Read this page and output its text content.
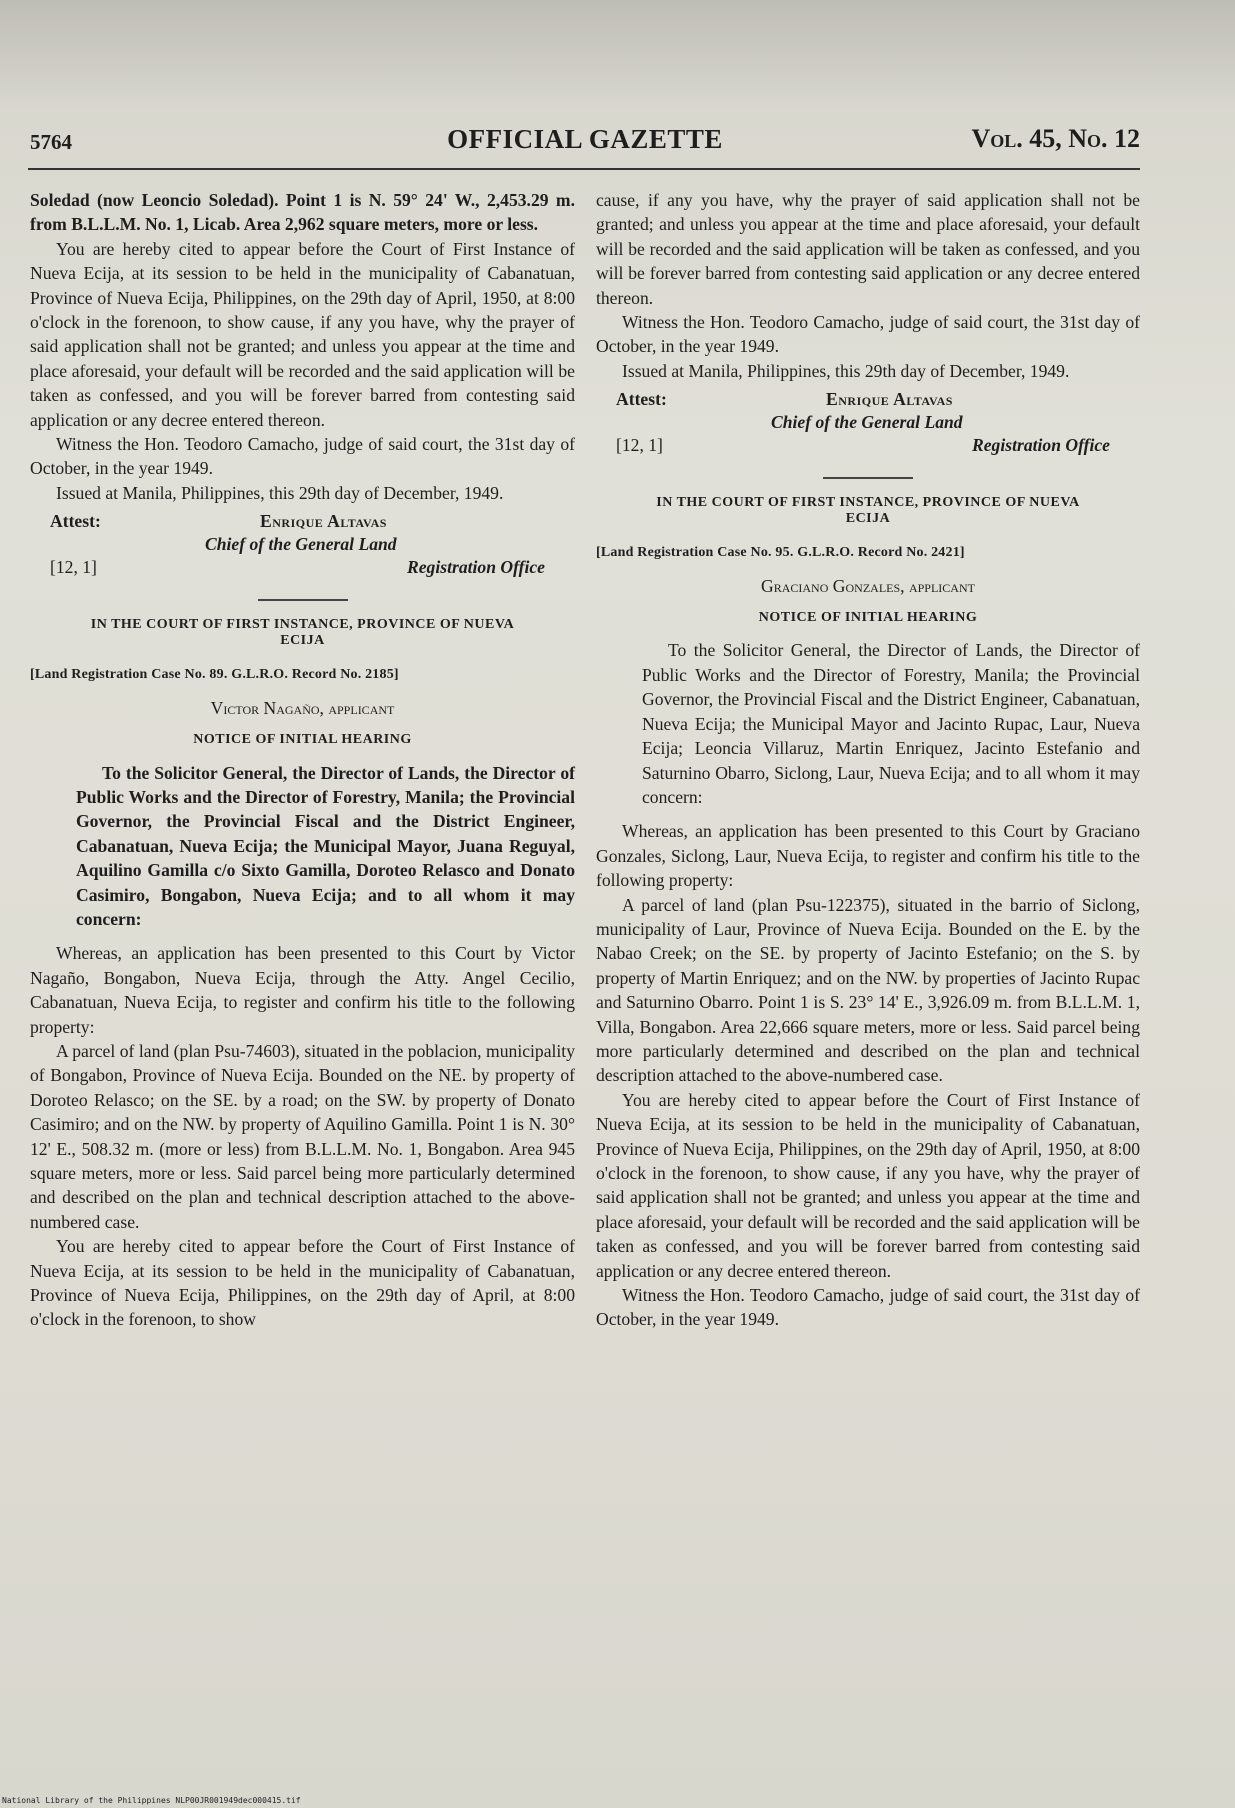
5764	OFFICIAL GAZETTE	Vol. 45, No. 12

Soledad (now Leoncio Soledad). Point 1 is N. 59° 24' W., 2,453.29 m. from B.L.L.M. No. 1, Licab. Area 2,962 square meters, more or less.

You are hereby cited to appear before the Court of First Instance of Nueva Ecija, at its session to be held in the municipality of Cabanatuan, Province of Nueva Ecija, Philippines, on the 29th day of April, 1950, at 8:00 o'clock in the forenoon, to show cause, if any you have, why the prayer of said application shall not be granted; and unless you appear at the time and place aforesaid, your default will be recorded and the said application will be taken as confessed, and you will be forever barred from contesting said application or any decree entered thereon.

Witness the Hon. Teodoro Camacho, judge of said court, the 31st day of October, in the year 1949.

Issued at Manila, Philippines, this 29th day of December, 1949.

Attest:	Enrique Altavas
Chief of the General Land
[12, 1]	Registration Office
IN THE COURT OF FIRST INSTANCE, PROVINCE OF NUEVA ECIJA
[Land Registration Case No. 89. G.L.R.O. Record No. 2185]
Victor Nagaño, applicant
NOTICE OF INITIAL HEARING

To the Solicitor General, the Director of Lands, the Director of Public Works and the Director of Forestry, Manila; the Provincial Governor, the Provincial Fiscal and the District Engineer, Cabanatuan, Nueva Ecija; the Municipal Mayor, Juana Reguyal, Aquilino Gamilla c/o Sixto Gamilla, Doroteo Relasco and Donato Casimiro, Bongabon, Nueva Ecija; and to all whom it may concern:

Whereas, an application has been presented to this Court by Victor Nagaño, Bongabon, Nueva Ecija, through the Atty. Angel Cecilio, Cabanatuan, Nueva Ecija, to register and confirm his title to the following property:

A parcel of land (plan Psu-74603), situated in the poblacion, municipality of Bongabon, Province of Nueva Ecija. Bounded on the NE. by property of Doroteo Relasco; on the SE. by a road; on the SW. by property of Donato Casimiro; and on the NW. by property of Aquilino Gamilla. Point 1 is N. 30° 12' E., 508.32 m. (more or less) from B.L.L.M. No. 1, Bongabon. Area 945 square meters, more or less. Said parcel being more particularly determined and described on the plan and technical description attached to the above-numbered case.

You are hereby cited to appear before the Court of First Instance of Nueva Ecija, at its session to be held in the municipality of Cabanatuan, Province of Nueva Ecija, Philippines, on the 29th day of April, at 8:00 o'clock in the forenoon, to show

cause, if any you have, why the prayer of said application shall not be granted; and unless you appear at the time and place aforesaid, your default will be recorded and the said application will be taken as confessed, and you will be forever barred from contesting said application or any decree entered thereon.

Witness the Hon. Teodoro Camacho, judge of said court, the 31st day of October, in the year 1949.

Issued at Manila, Philippines, this 29th day of December, 1949.

Attest:	Enrique Altavas
Chief of the General Land
[12, 1]	Registration Office
IN THE COURT OF FIRST INSTANCE, PROVINCE OF NUEVA ECIJA
[Land Registration Case No. 95. G.L.R.O. Record No. 2421]
Graciano Gonzales, applicant
NOTICE OF INITIAL HEARING

To the Solicitor General, the Director of Lands, the Director of Public Works and the Director of Forestry, Manila; the Provincial Governor, the Provincial Fiscal and the District Engineer, Cabanatuan, Nueva Ecija; the Municipal Mayor and Jacinto Rupac, Laur, Nueva Ecija; Leoncia Villaruz, Martin Enriquez, Jacinto Estefanio and Saturnino Obarro, Siclong, Laur, Nueva Ecija; and to all whom it may concern:

Whereas, an application has been presented to this Court by Graciano Gonzales, Siclong, Laur, Nueva Ecija, to register and confirm his title to the following property:

A parcel of land (plan Psu-122375), situated in the barrio of Siclong, municipality of Laur, Province of Nueva Ecija. Bounded on the E. by the Nabao Creek; on the SE. by property of Jacinto Estefanio; on the S. by property of Martin Enriquez; and on the NW. by properties of Jacinto Rupac and Saturnino Obarro. Point 1 is S. 23° 14' E., 3,926.09 m. from B.L.L.M. 1, Villa, Bongabon. Area 22,666 square meters, more or less. Said parcel being more particularly determined and described on the plan and technical description attached to the above-numbered case.

You are hereby cited to appear before the Court of First Instance of Nueva Ecija, at its session to be held in the municipality of Cabanatuan, Province of Nueva Ecija, Philippines, on the 29th day of April, 1950, at 8:00 o'clock in the forenoon, to show cause, if any you have, why the prayer of said application shall not be granted; and unless you appear at the time and place aforesaid, your default will be recorded and the said application will be taken as confessed, and you will be forever barred from contesting said application or any decree entered thereon.

Witness the Hon. Teodoro Camacho, judge of said court, the 31st day of October, in the year 1949.

National Library of the Philippines NLP00JR001949dec000415.tif
